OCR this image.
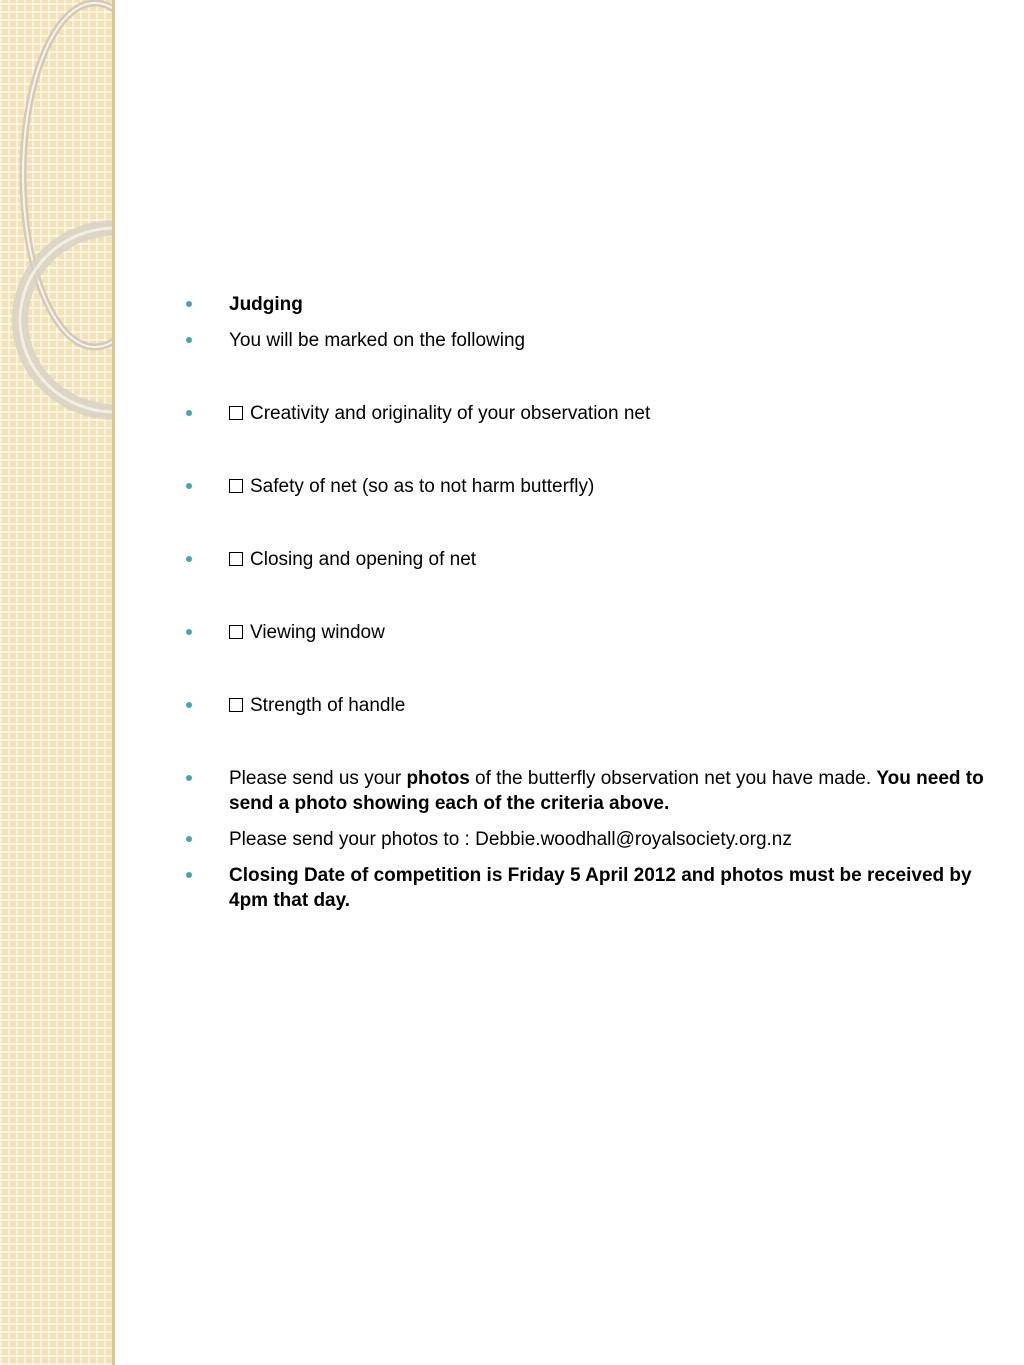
Judging
You will be marked on the following
Creativity and originality of your observation net
Safety of net (so as to not harm butterfly)
Closing and opening of net
Viewing window
Strength of handle
Please send us your photos of the butterfly observation net you have made. You need to send a photo showing each of the criteria above.
Please send your photos to : Debbie.woodhall@royalsociety.org.nz
Closing Date of competition is Friday 5 April 2012 and photos must be received by 4pm that day.
